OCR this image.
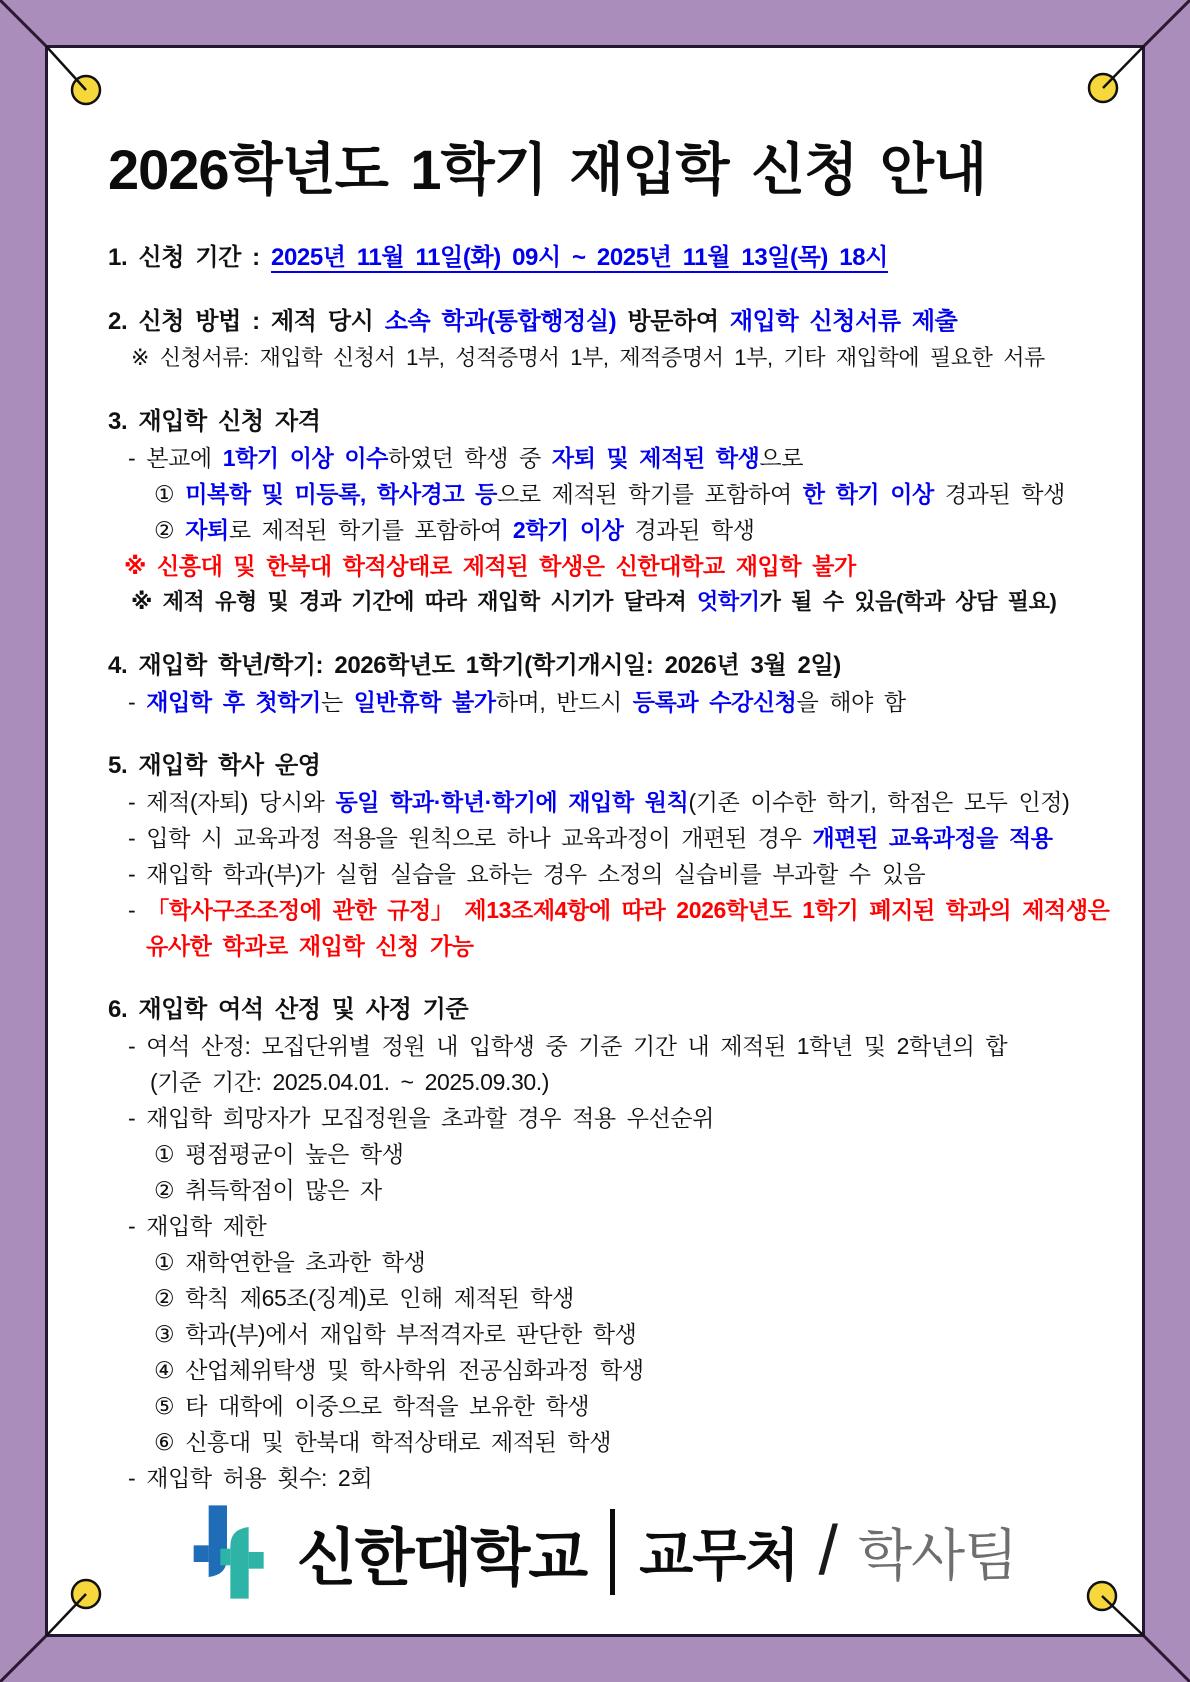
2026학년도 1학기 재입학 신청 안내
1. 신청 기간 : 2025년 11월 11일(화) 09시 ~ 2025년 11월 13일(목) 18시
2. 신청 방법 : 제적 당시 소속 학과(통합행정실) 방문하여 재입학 신청서류 제출
※ 신청서류: 재입학 신청서 1부, 성적증명서 1부, 제적증명서 1부, 기타 재입학에 필요한 서류
3. 재입학 신청 자격
- 본교에 1학기 이상 이수하였던 학생 중 자퇴 및 제적된 학생으로
① 미복학 및 미등록, 학사경고 등으로 제적된 학기를 포함하여 한 학기 이상 경과된 학생
② 자퇴로 제적된 학기를 포함하여 2학기 이상 경과된 학생
※ 신흥대 및 한북대 학적상태로 제적된 학생은 신한대학교 재입학 불가
※ 제적 유형 및 경과 기간에 따라 재입학 시기가 달라져 엇학기가 될 수 있음(학과 상담 필요)
4. 재입학 학년/학기: 2026학년도 1학기(학기개시일: 2026년 3월 2일)
- 재입학 후 첫학기는 일반휴학 불가하며, 반드시 등록과 수강신청을 해야 함
5. 재입학 학사 운영
- 제적(자퇴) 당시와 동일 학과·학년·학기에 재입학 원칙(기존 이수한 학기, 학점은 모두 인정)
- 입학 시 교육과정 적용을 원칙으로 하나 교육과정이 개편된 경우 개편된 교육과정을 적용
- 재입학 학과(부)가 실험 실습을 요하는 경우 소정의 실습비를 부과할 수 있음
- 「학사구조조정에 관한 규정」 제13조제4항에 따라 2026학년도 1학기 폐지된 학과의 제적생은
유사한 학과로 재입학 신청 가능
6. 재입학 여석 산정 및 사정 기준
- 여석 산정: 모집단위별 정원 내 입학생 중 기준 기간 내 제적된 1학년 및 2학년의 합
(기준 기간: 2025.04.01. ~ 2025.09.30.)
- 재입학 희망자가 모집정원을 초과할 경우 적용 우선순위
① 평점평균이 높은 학생
② 취득학점이 많은 자
- 재입학 제한
① 재학연한을 초과한 학생
② 학칙 제65조(징계)로 인해 제적된 학생
③ 학과(부)에서 재입학 부적격자로 판단한 학생
④ 산업체위탁생 및 학사학위 전공심화과정 학생
⑤ 타 대학에 이중으로 학적을 보유한 학생
⑥ 신흥대 및 한북대 학적상태로 제적된 학생
- 재입학 허용 횟수: 2회
신한대학교 교무처 / 학사팀
